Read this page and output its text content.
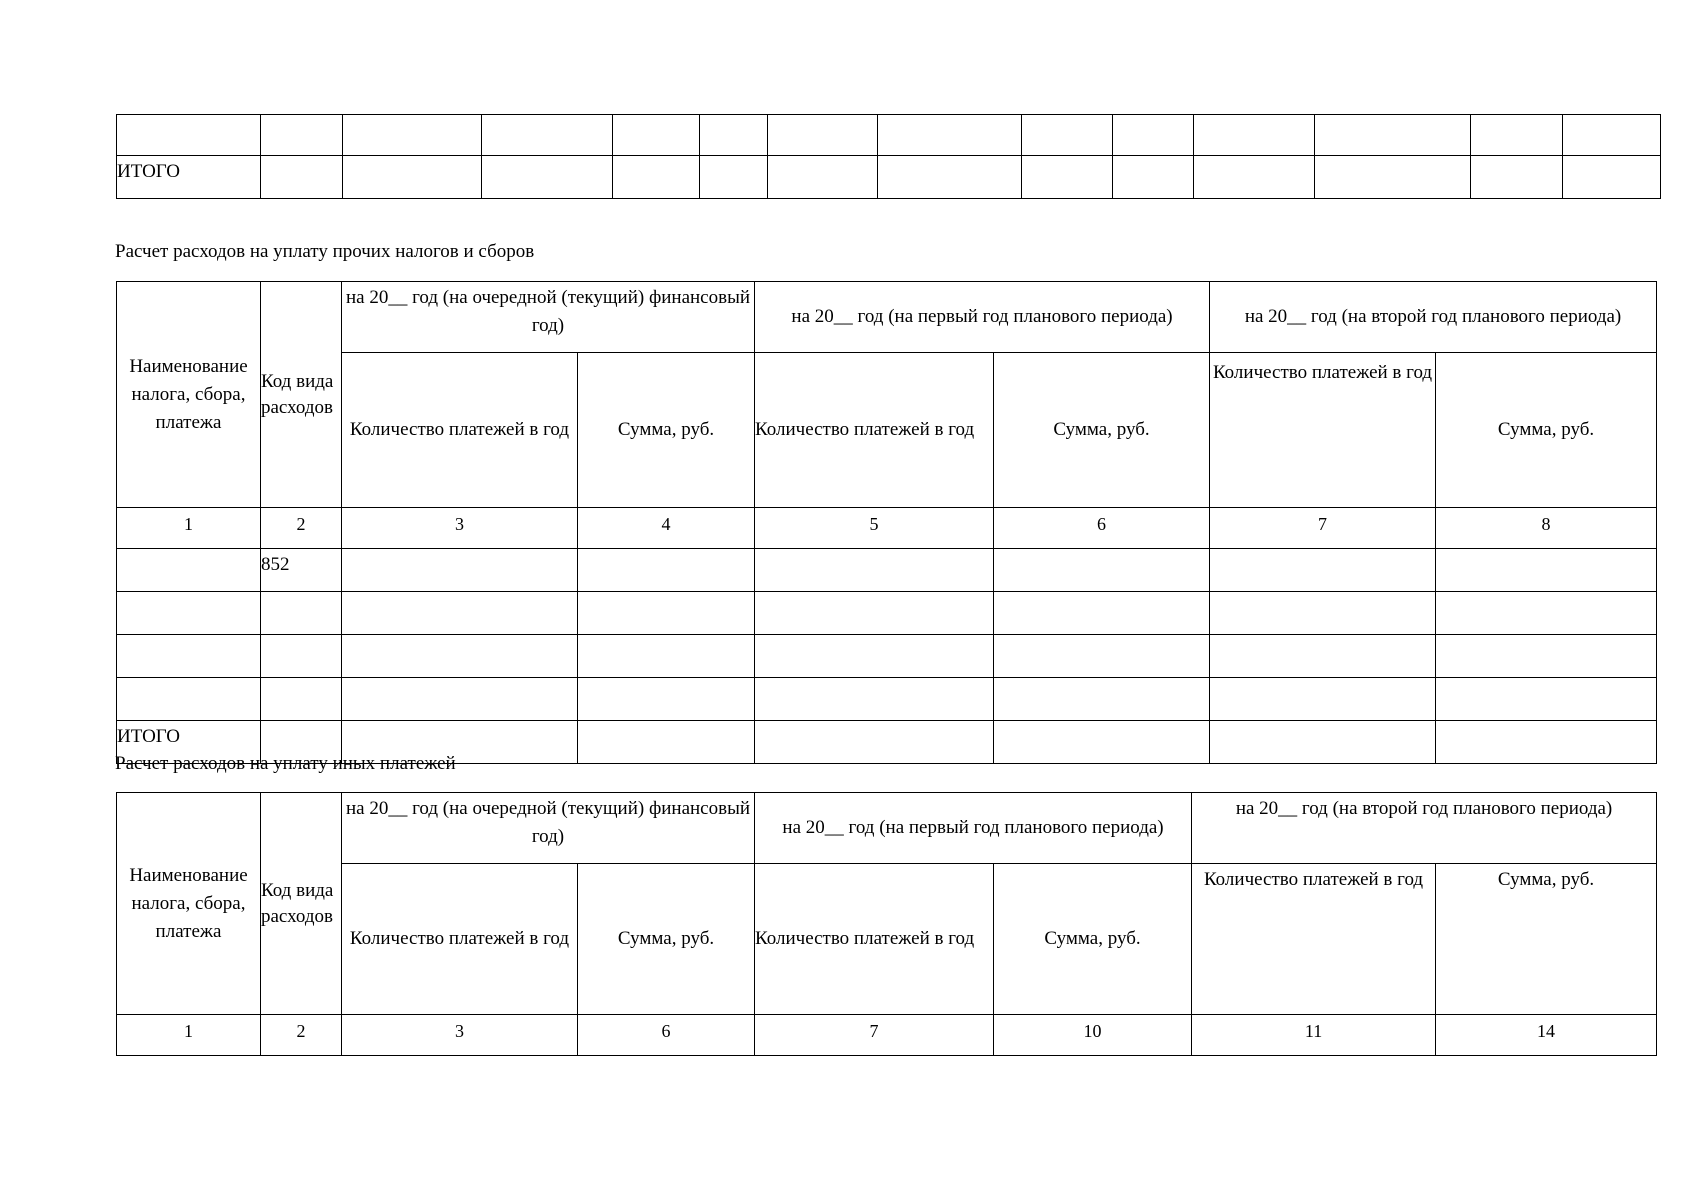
ИТОГО													
Расчет расходов на уплату прочих налогов и сборов
Наименование налога, сбора, платежа	Код вида расходов	на 20__ год (на очередной (текущий) финансовый год)		на 20__ год (на первый год планового периода)		на 20__ год (на второй год планового периода)	
		Количество платежей в год	Сумма, руб.	Количество платежей в год	Сумма, руб.	Количество платежей в год	Сумма, руб.
1	2	3	4	5	6	7	8
	852						

ИТОГО							
Расчет расходов на уплату иных платежей
Наименование налога, сбора, платежа	Код вида расходов	на 20__ год (на очередной (текущий) финансовый год)		на 20__ год (на первый год планового периода)		на 20__ год (на второй год планового периода)	
		Количество платежей в год	Сумма, руб.	Количество платежей в год	Сумма, руб.	Количество платежей в год	Сумма, руб.
1	2	3	6	7	10	11	14
